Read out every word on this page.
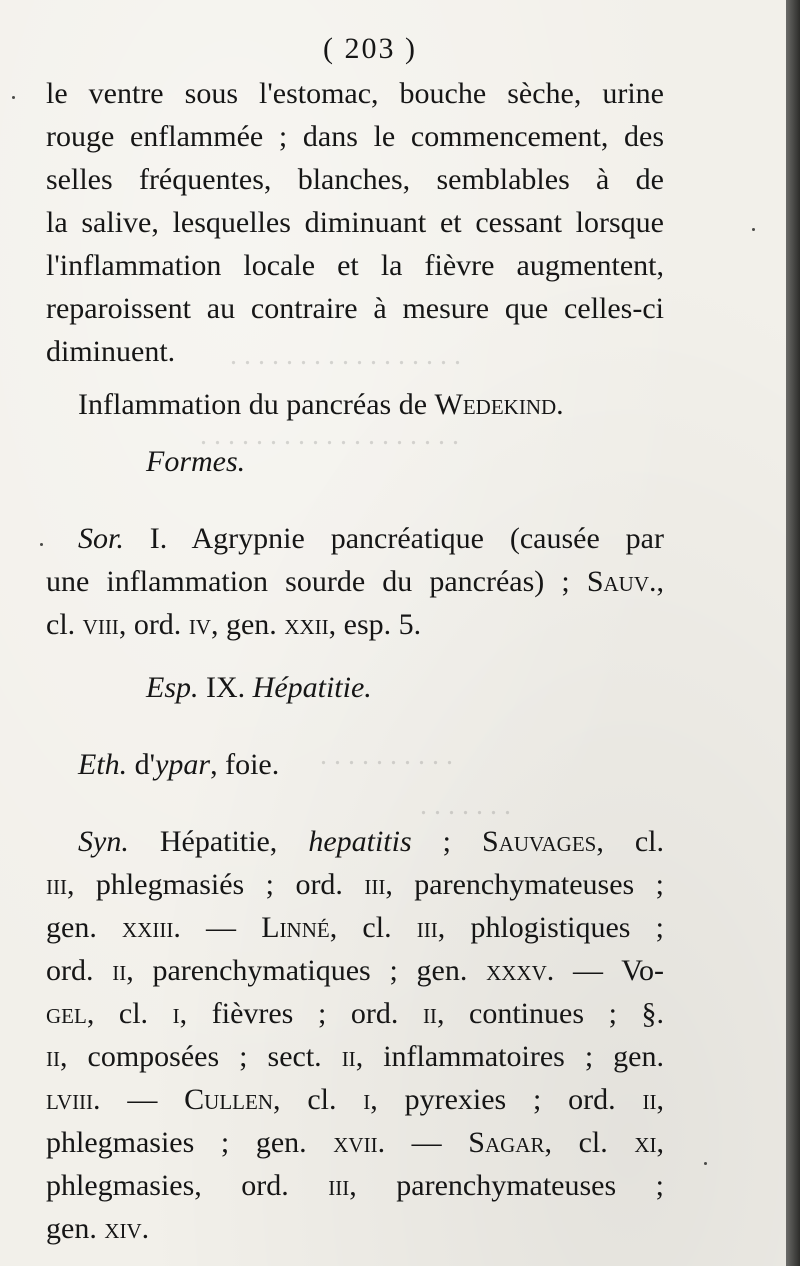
. . . . . . . . . . . . . . . . .
. . . . . . . . . . . . . . . . . . .
. . . . . . . . . .
. . . . . . .
( 203 )
le ventre sous l'estomac, bouche sèche, urine
rouge enflammée ; dans le commencement, des
selles fréquentes, blanches, semblables à de
la salive, lesquelles diminuant et cessant lorsque
l'inflammation locale et la fièvre augmentent,
reparoissent au contraire à mesure que celles-ci
diminuent.
Inflammation du pancréas de Wedekind.
Formes.
Sor. I. Agrypnie pancréatique (causée par
une inflammation sourde du pancréas) ; Sauv.,
cl. viii, ord. iv, gen. xxii, esp. 5.
Esp. IX. Hépatitie.
Eth. d'ypar, foie.
Syn. Hépatitie, hepatitis ; Sauvages, cl.
iii, phlegmasiés ; ord. iii, parenchymateuses ;
gen. xxiii. — Linné, cl. iii, phlogistiques ;
ord. ii, parenchymatiques ; gen. xxxv. — Vo-
gel, cl. i, fièvres ; ord. ii, continues ; §.
ii, composées ; sect. ii, inflammatoires ; gen.
lviii. — Cullen, cl. i, pyrexies ; ord. ii,
phlegmasies ; gen. xvii. — Sagar, cl. xi,
phlegmasies, ord. iii, parenchymateuses ;
gen. xiv.
